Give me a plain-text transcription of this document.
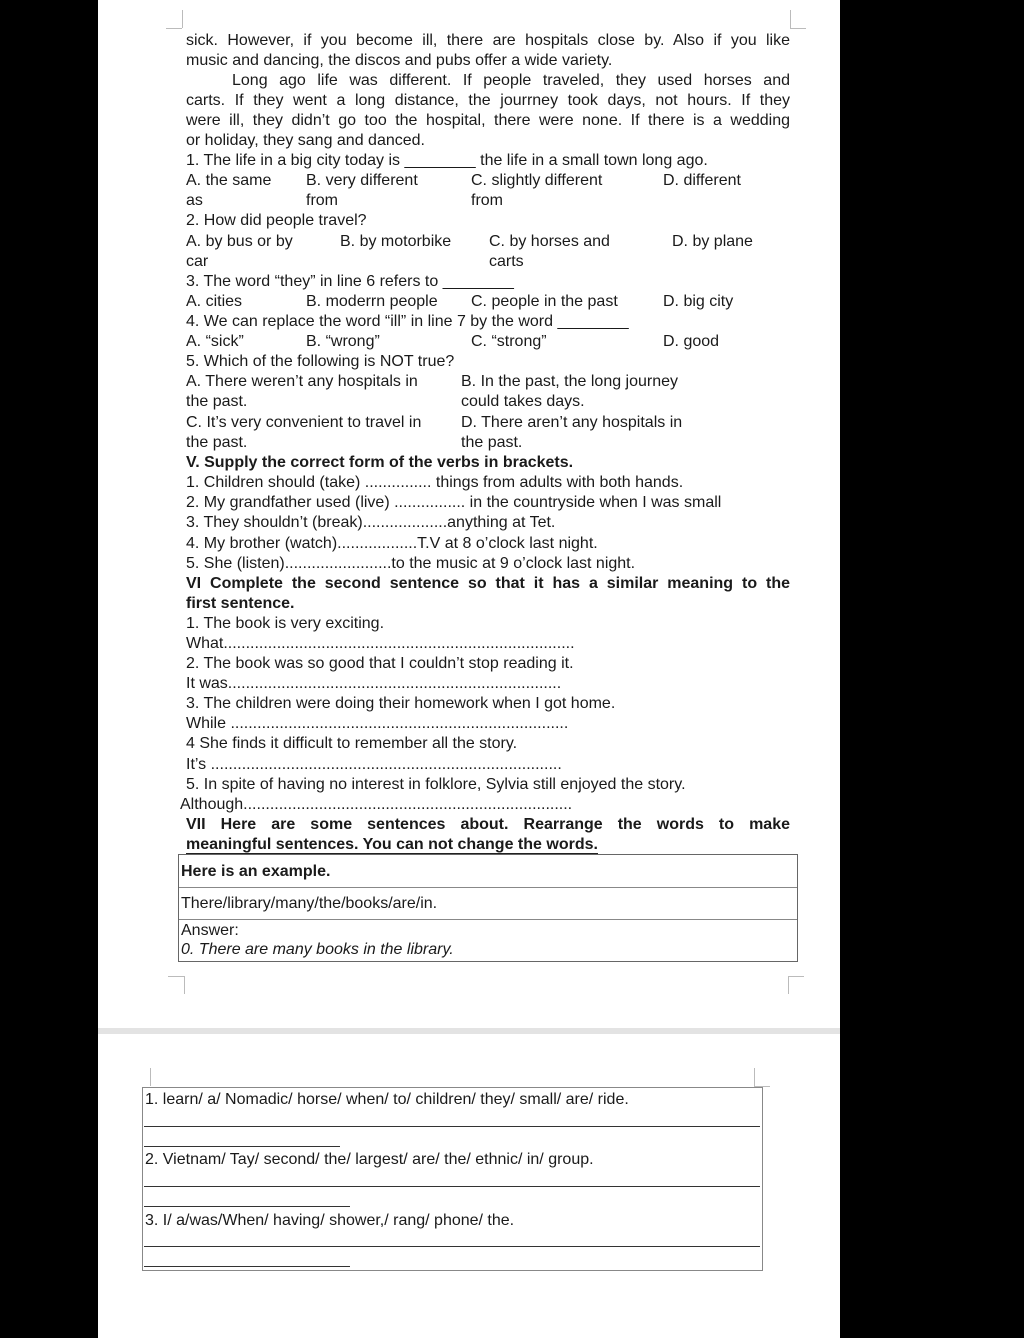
sick. However, if you become ill, there are hospitals close by. Also if you like
music and dancing, the discos and pubs offer a wide variety.
Long ago life was different. If people traveled, they used horses and
carts. If they went a long distance, the jourrney took days, not hours. If they
were ill, they didn’t go too the hospital, there were none. If there is a wedding
or holiday, they sang and danced.
1. The life in a big city today is ________ the life in a small town long ago.
A. the same B. very different	C. slightly different	D. different
as	from	from
2. How did people travel?
A. by bus or by	B. by motorbike C. by horses and	D. by plane
car	carts
3. The word “they” in line 6 refers to ________
A. cities	B. moderrn people C. people in the past	D. big city
4. We can replace the word “ill” in line 7 by the word ________
A. “sick”	B. “wrong”	C. “strong”	D. good
5. Which of the following is NOT true?
A. There weren’t any hospitals in	B. In the past, the long journey
the past.	could takes days.
C. It’s very convenient to travel in D. There aren’t any hospitals in
the past.	the past.
V. Supply the correct form of the verbs in brackets.
1. Children should (take) ............... things from adults with both hands.
2. My grandfather used (live) ................ in the countryside when I was small
3. They shouldn’t (break)...................anything at Tet.
4. My brother (watch)..................T.V at 8 o’clock last night.
5. She (listen)........................to the music at 9 o’clock last night.
VI Complete the second sentence so that it has a similar meaning to the
first sentence.
1. The book is very exciting.
What...............................................................................
2. The book was so good that I couldn’t stop reading it.
It was...........................................................................
3. The children were doing their homework when I got home.
While ............................................................................
4 She finds it difficult to remember all the story.
It’s ...............................................................................
5. In spite of having no interest in folklore, Sylvia still enjoyed the story.
Although..........................................................................
VII Here are some sentences about. Rearrange the words to make
meaningful sentences. You can not change the words.
Here is an example.
There/library/many/the/books/are/in.
Answer:
0. There are many books in the library.
1. learn/ a/ Nomadic/ horse/ when/ to/ children/ they/ small/ are/ ride.
2. Vietnam/ Tay/ second/ the/ largest/ are/ the/ ethnic/ in/ group.
3. I/ a/was/When/ having/ shower,/ rang/ phone/ the.
